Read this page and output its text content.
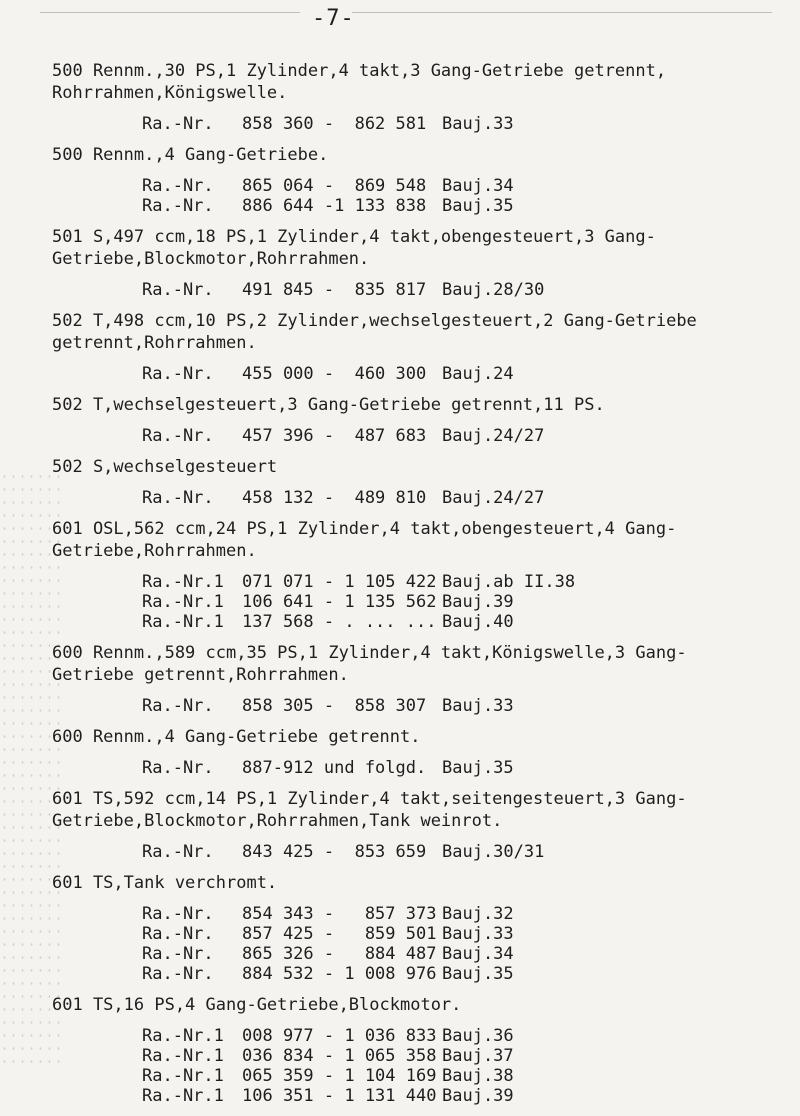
-7-
500 Rennm.,30 PS,1 Zylinder,4 takt,3 Gang-Getriebe getrennt,
Rohrrahmen,Königswelle.
Ra.-Nr. 858 360 -  862 581 Bauj.33
500 Rennm.,4 Gang-Getriebe.
Ra.-Nr. 865 064 -  869 548 Bauj.34
Ra.-Nr. 886 644 -1 133 838 Bauj.35
501 S,497 ccm,18 PS,1 Zylinder,4 takt,obengesteuert,3 Gang-
Getriebe,Blockmotor,Rohrrahmen.
Ra.-Nr. 491 845 -  835 817 Bauj.28/30
502 T,498 ccm,10 PS,2 Zylinder,wechselgesteuert,2 Gang-Getriebe
getrennt,Rohrrahmen.
Ra.-Nr. 455 000 -  460 300 Bauj.24
502 T,wechselgesteuert,3 Gang-Getriebe getrennt,11 PS.
Ra.-Nr. 457 396 -  487 683 Bauj.24/27
502 S,wechselgesteuert
Ra.-Nr. 458 132 -  489 810 Bauj.24/27
601 OSL,562 ccm,24 PS,1 Zylinder,4 takt,obengesteuert,4 Gang-
Getriebe,Rohrrahmen.
Ra.-Nr.1 071 071 - 1 105 422 Bauj.ab II.38
Ra.-Nr.1 106 641 - 1 135 562 Bauj.39
Ra.-Nr.1 137 568 - . ... ... Bauj.40
600 Rennm.,589 ccm,35 PS,1 Zylinder,4 takt,Königswelle,3 Gang-
Getriebe getrennt,Rohrrahmen.
Ra.-Nr. 858 305 -  858 307 Bauj.33
600 Rennm.,4 Gang-Getriebe getrennt.
Ra.-Nr. 887-912 und folgd. Bauj.35
601 TS,592 ccm,14 PS,1 Zylinder,4 takt,seitengesteuert,3 Gang-
Getriebe,Blockmotor,Rohrrahmen,Tank weinrot.
Ra.-Nr. 843 425 -  853 659 Bauj.30/31
601 TS,Tank verchromt.
Ra.-Nr. 854 343 -   857 373 Bauj.32
Ra.-Nr. 857 425 -   859 501 Bauj.33
Ra.-Nr. 865 326 -   884 487 Bauj.34
Ra.-Nr. 884 532 - 1 008 976 Bauj.35
601 TS,16 PS,4 Gang-Getriebe,Blockmotor.
Ra.-Nr.1 008 977 - 1 036 833 Bauj.36
Ra.-Nr.1 036 834 - 1 065 358 Bauj.37
Ra.-Nr.1 065 359 - 1 104 169 Bauj.38
Ra.-Nr.1 106 351 - 1 131 440 Bauj.39
